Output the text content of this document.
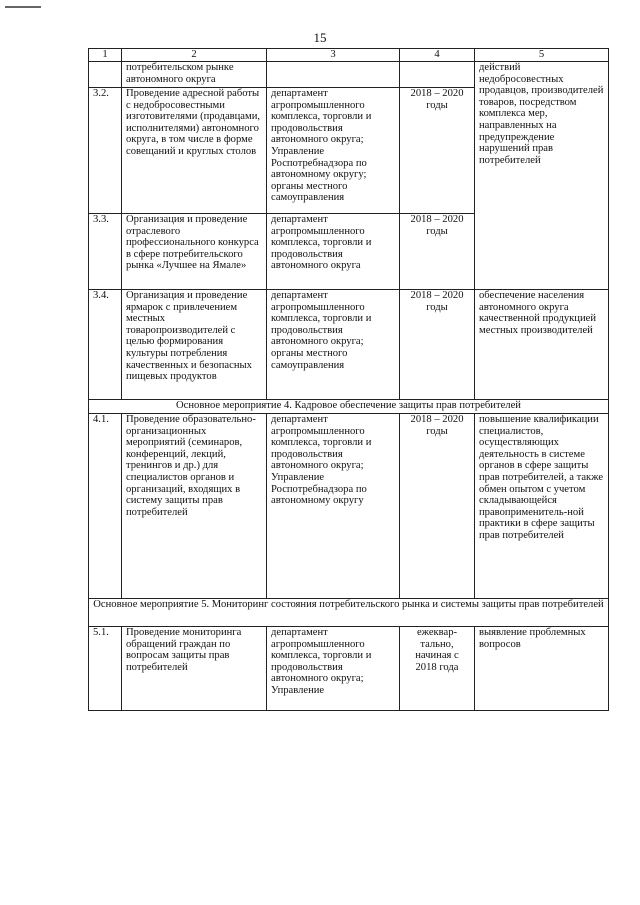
15
1	2	3	4	5
	потребительском рынке автономного округа			действий недобросовестных продавцов, производителей товаров, посредством комплекса мер, направленных на предупреждение нарушений прав потребителей
3.2.	Проведение адресной работы с недобросовестными изготовителями (продавцами, исполнителями) автономного округа, в том числе в форме совещаний и круглых столов	департамент агропромышленного комплекса, торговли и продовольствия автономного округа; Управление Роспотребнадзора по автономному округу; органы местного самоуправления	2018 – 2020 годы	
3.3.	Организация и проведение отраслевого профессионального конкурса в сфере потребительского рынка «Лучшее на Ямале»	департамент агропромышленного комплекса, торговли и продовольствия автономного округа	2018 – 2020 годы	
3.4.	Организация и проведение ярмарок с привлечением местных товаропроизводителей с целью формирования культуры потребления качественных и безопасных пищевых продуктов	департамент агропромышленного комплекса, торговли и продовольствия автономного округа; органы местного самоуправления	2018 – 2020 годы	обеспечение населения автономного округа качественной продукцией местных производителей
Основное мероприятие 4. Кадровое обеспечение защиты прав потребителей				
4.1.	Проведение образовательно-организационных мероприятий (семинаров, конференций, лекций, тренингов и др.) для специалистов органов и организаций, входящих в систему защиты прав потребителей	департамент агропромышленного комплекса, торговли и продовольствия автономного округа; Управление Роспотребнадзора по автономному округу	2018 – 2020 годы	повышение квалификации специалистов, осуществляющих деятельность в системе органов в сфере защиты прав потребителей, а также обмен опытом с учетом складывающейся правоприменитель-ной практики в сфере защиты прав потребителей
Основное мероприятие 5. Мониторинг состояния потребительского рынка и системы защиты прав потребителей				
5.1.	Проведение мониторинга обращений граждан по вопросам защиты прав потребителей	департамент агропромышленного комплекса, торговли и продовольствия автономного округа; Управление	ежеквар-тально, начиная с 2018 года	выявление проблемных вопросов
